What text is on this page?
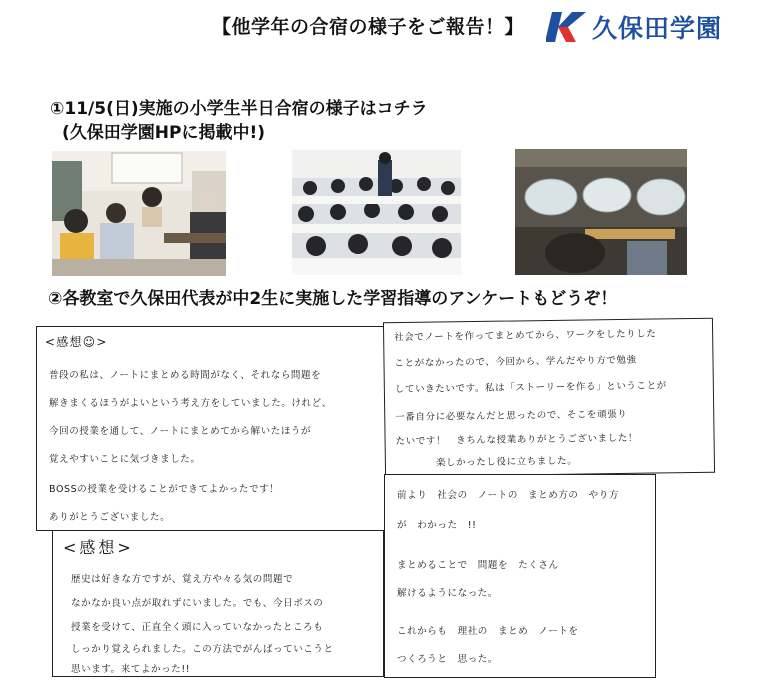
【他学年の合宿の様子をご報告！】	久保田学園
①11/5(日)実施の小学生半日合宿の様子はコチラ
(久保田学園HPに掲載中!)
②各教室で久保田代表が中2生に実施した学習指導のアンケートもどうぞ！
<感想☺>
普段の私は、ノートにまとめる時間がなく、それなら問題を
解きまくるほうがよいという考え方をしていました。けれど、
今回の授業を通して、ノートにまとめてから解いたほうが
覚えやすいことに気づきました。
BOSSの授業を受けることができてよかったです！
ありがとうございました。
社会でノートを作ってまとめてから、ワークをしたりした
ことがなかったので、今回から、学んだやり方で勉強
していきたいです。私は「ストーリーを作る」ということが
一番自分に必要なんだと思ったので、そこを頑張り
たいです！　きちんな授業ありがとうございました！
楽しかったし役に立ちました。
<感想>
歴史は好きな方ですが、覚え方や々る気の問題で
なかなか良い点が取れずにいました。でも、今日ボスの
授業を受けて、正直全く頭に入っていなかったところも
しっかり覚えられました。この方法でがんばっていこうと
思います。来てよかった!!
前より　社会の　ノートの　まとめ方の　やり方
が　わかった　!!
まとめることで　問題を　たくさん
解けるようになった。
これからも　理社の　まとめ　ノートを
つくろうと　思った。
